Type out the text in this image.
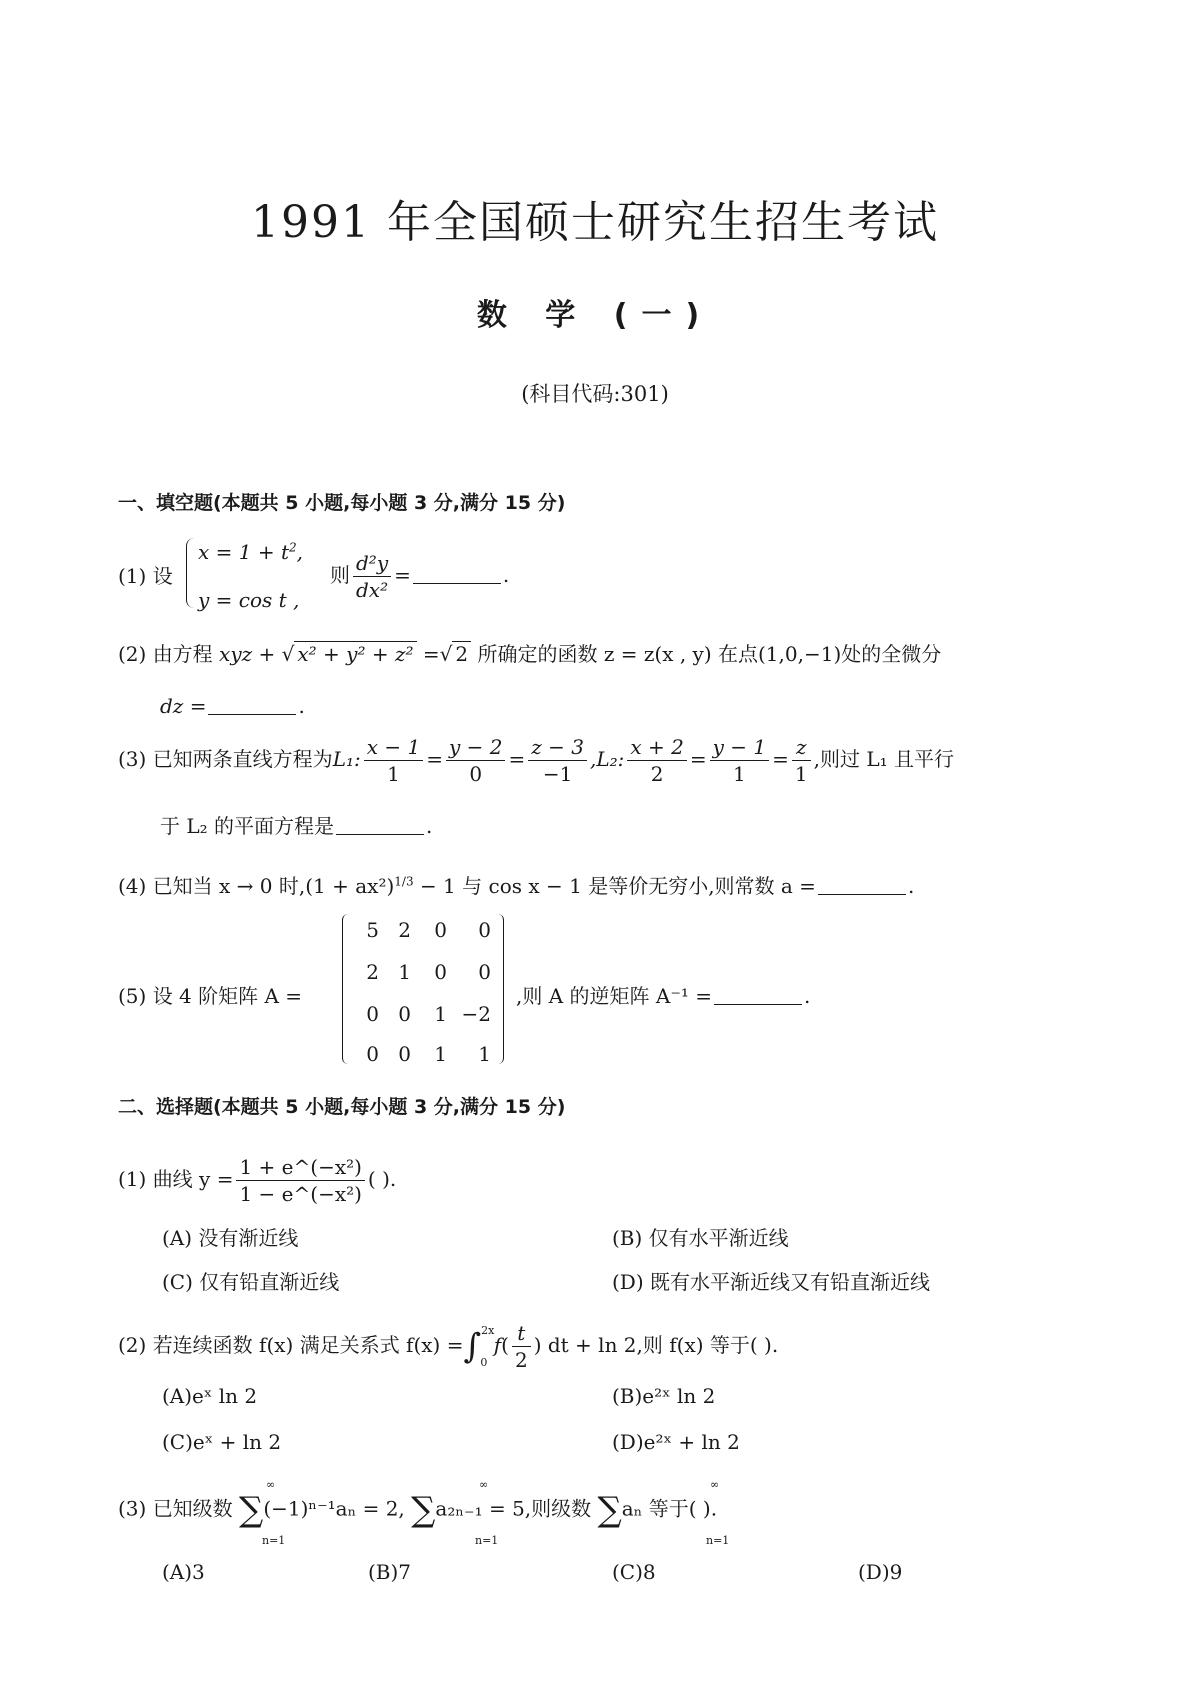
1991 年全国硕士研究生招生考试
数 学 (一)
(科目代码:301)
一、填空题(本题共 5 小题,每小题 3 分,满分 15 分)
(1) 设
$x = 1 + t^2$,
y = cos t ,
则 $\frac{\text{d²y}}{\text{dx²}}$ =	.
(2) 由方程 xyz + √ x² + y² + z² =√ 2 所确定的函数 z = z(x , y) 在点(1,0,−1)处的全微分
dz =	.
(3) 已知两条直线方程为L₁: $\frac{x - 1}{1} = \frac{y - 2}{0} = \frac{z - 3}{-1} ,L_2$: $\frac{x + 2}{2} = \frac{y - 1}{1} = \frac{z}{1}$ ,则过 L₁ 且平行
于 L₂ 的平面方程是	.
(4) 已知当 x → 0 时$,(1 + ax^2)^{1/3} - 1$ 与 cos x − 1 是等价无穷小,则常数 a =	.
(5) 设 4 阶矩阵 A =
5 2	0	0
2 1	0	0
0 0	1 −2
0 0	1	1
,则 A 的逆矩阵 A⁻¹ =	.
二、选择题(本题共 5 小题,每小题 3 分,满分 15 分)
(1) 曲线 $y = \frac{\text{1 + e\textasciicircum{}(−x²)}}{\text{1 − e\textasciicircum{}(−x²)}}$ ( ).
(A) 没有渐近线	(B) 仅有水平渐近线
(C) 仅有铅直渐近线	(D) 既有水平渐近线又有铅直渐近线
(2) 若连续函数 f(x) 满足关系式 f(x) =∫$^{2x}_0$ $f( \frac{t}{2}$ ) dt + ln 2,则 f(x) 等于( ).
(A)eˣ ln 2	(B)e²ˣ ln 2
(C)eˣ + ln 2	(D)e²ˣ + ln 2
(3) 已知级数 ∑(−1)ⁿ⁻¹aₙ = 2, ∑a₂ₙ₋₁ = 5,则级数 ∑aₙ 等于( ).
∞
n=1
∞
n=1
∞
n=1
(A)3	(B)7	(C)8	(D)9
